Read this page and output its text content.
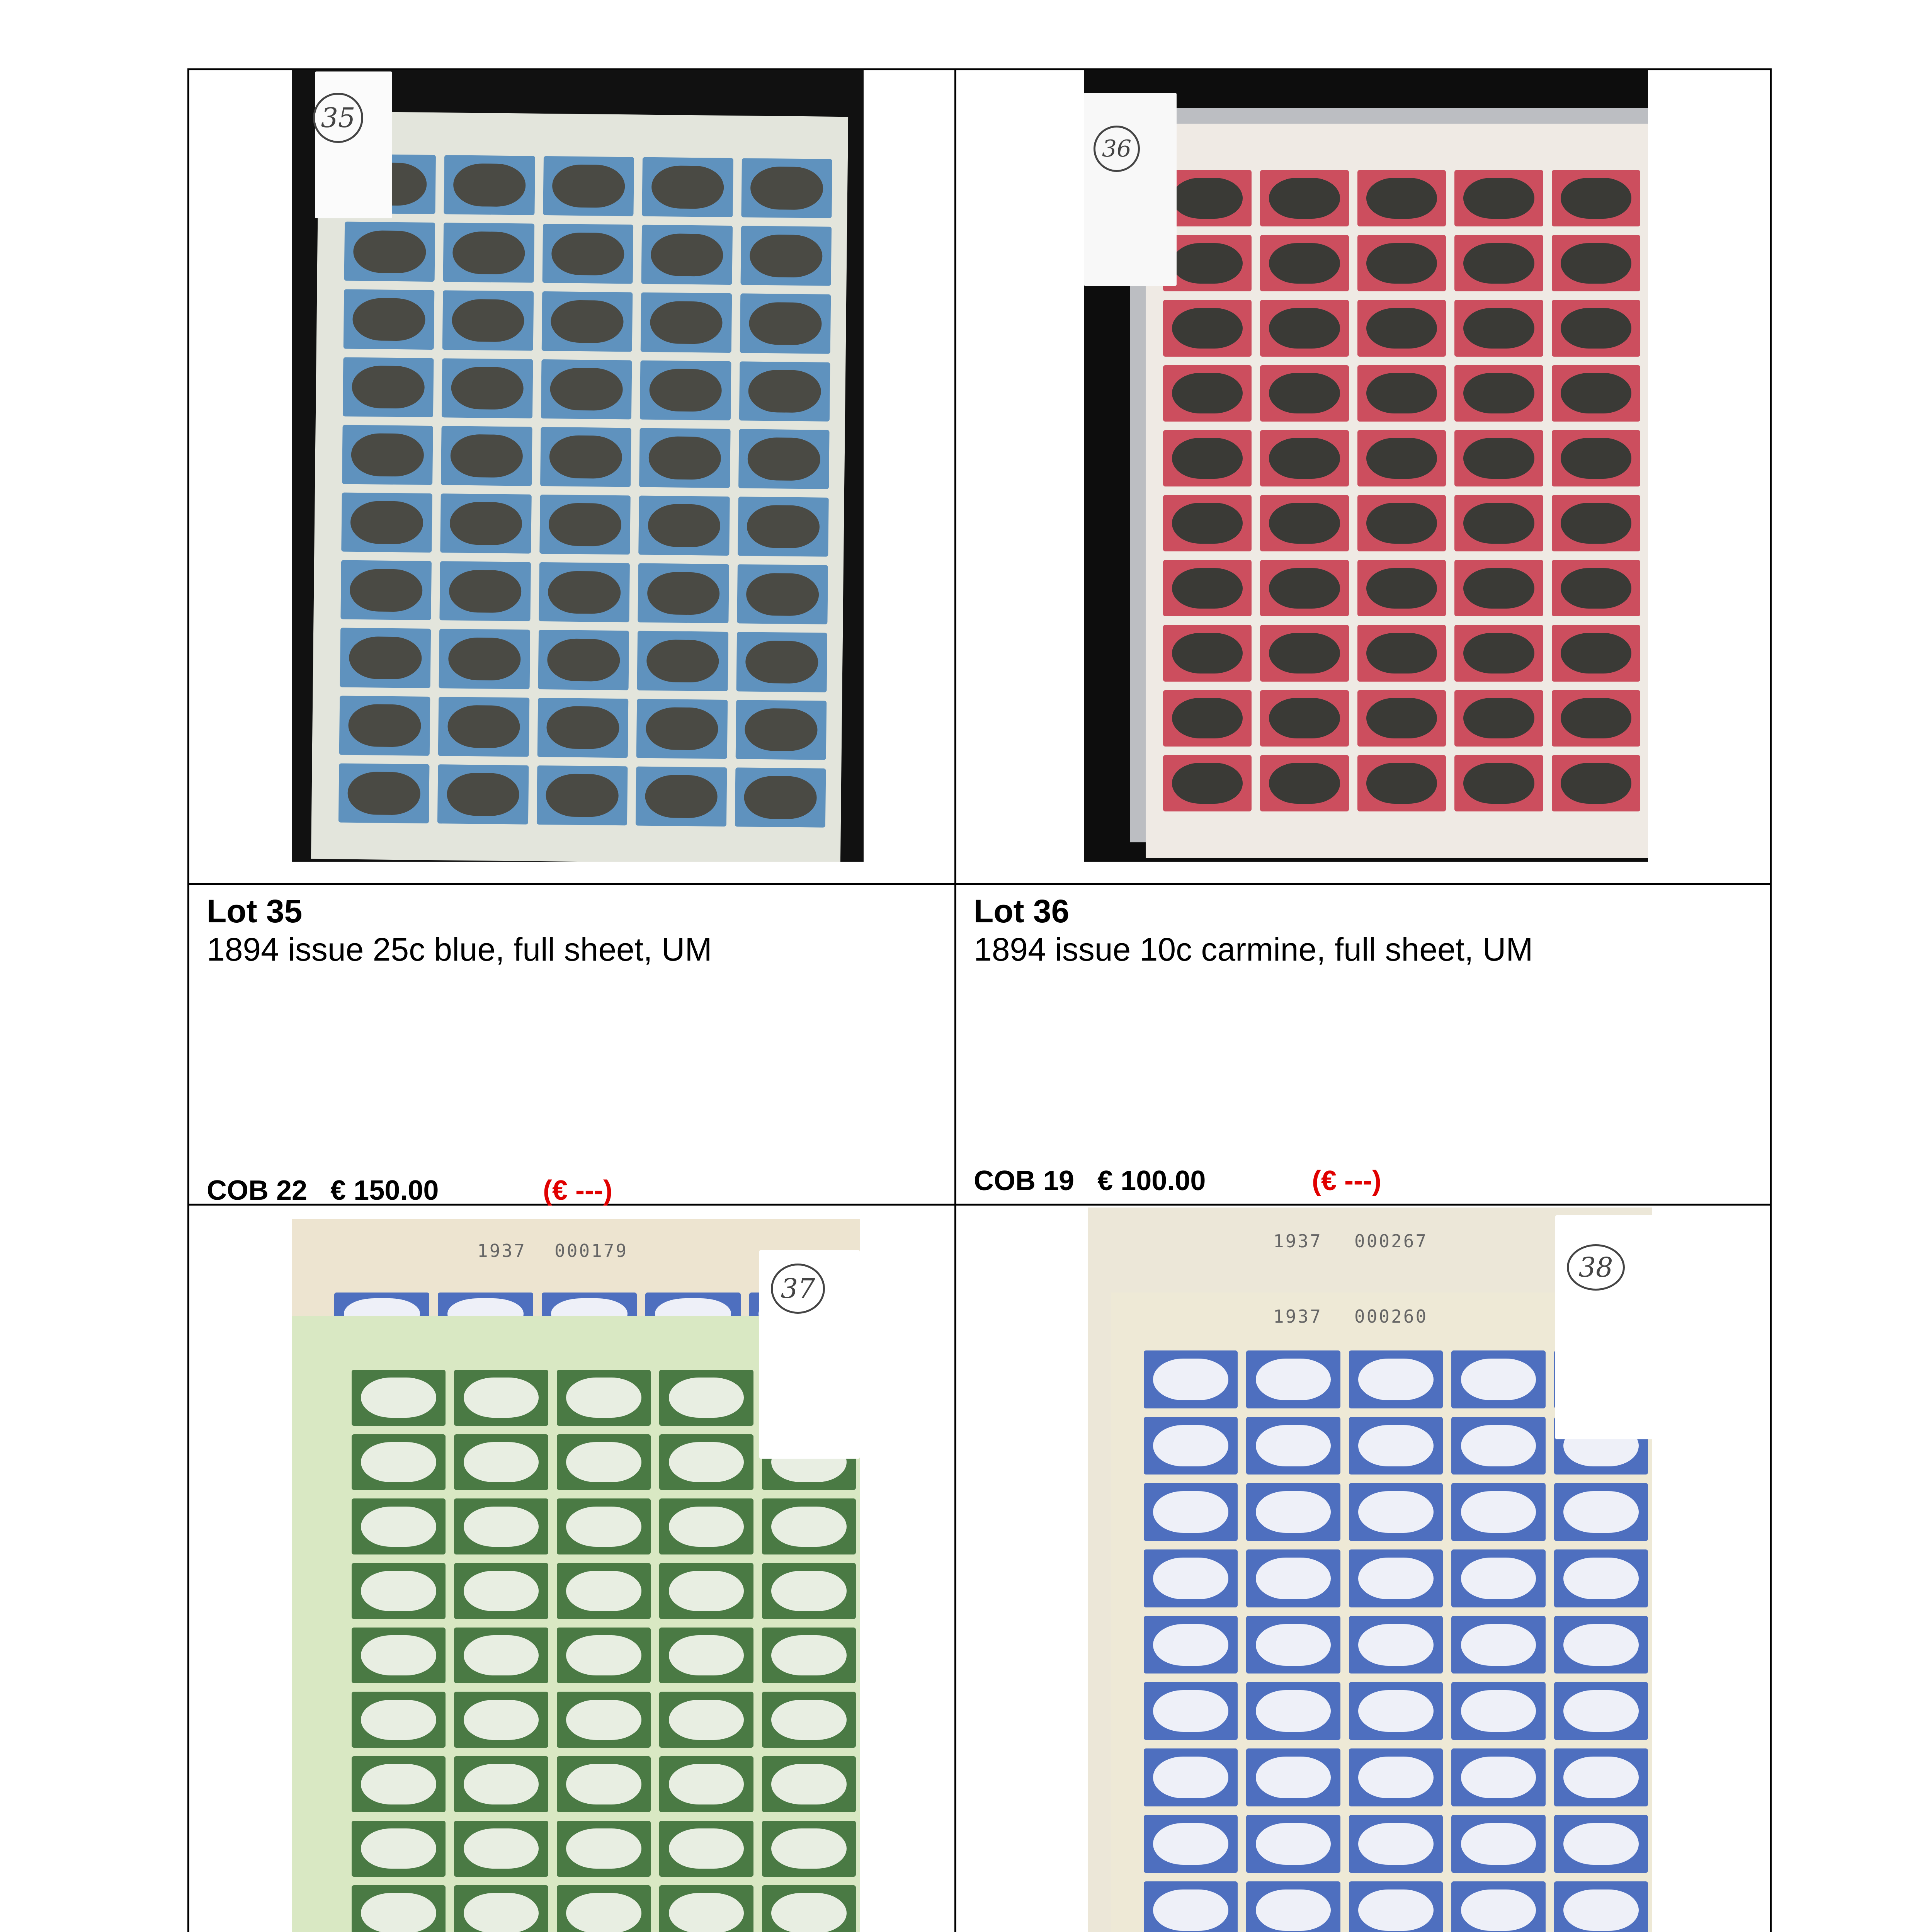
35
36
1937 000179
37
1937 000267
1937 000260
38
Lot 35
1894 issue 25c blue, full sheet, UM
COB 22   € 150.00	(€ ---)
Lot 36
1894 issue 10c carmine, full sheet, UM
COB 19   € 100.00	(€ ---)
